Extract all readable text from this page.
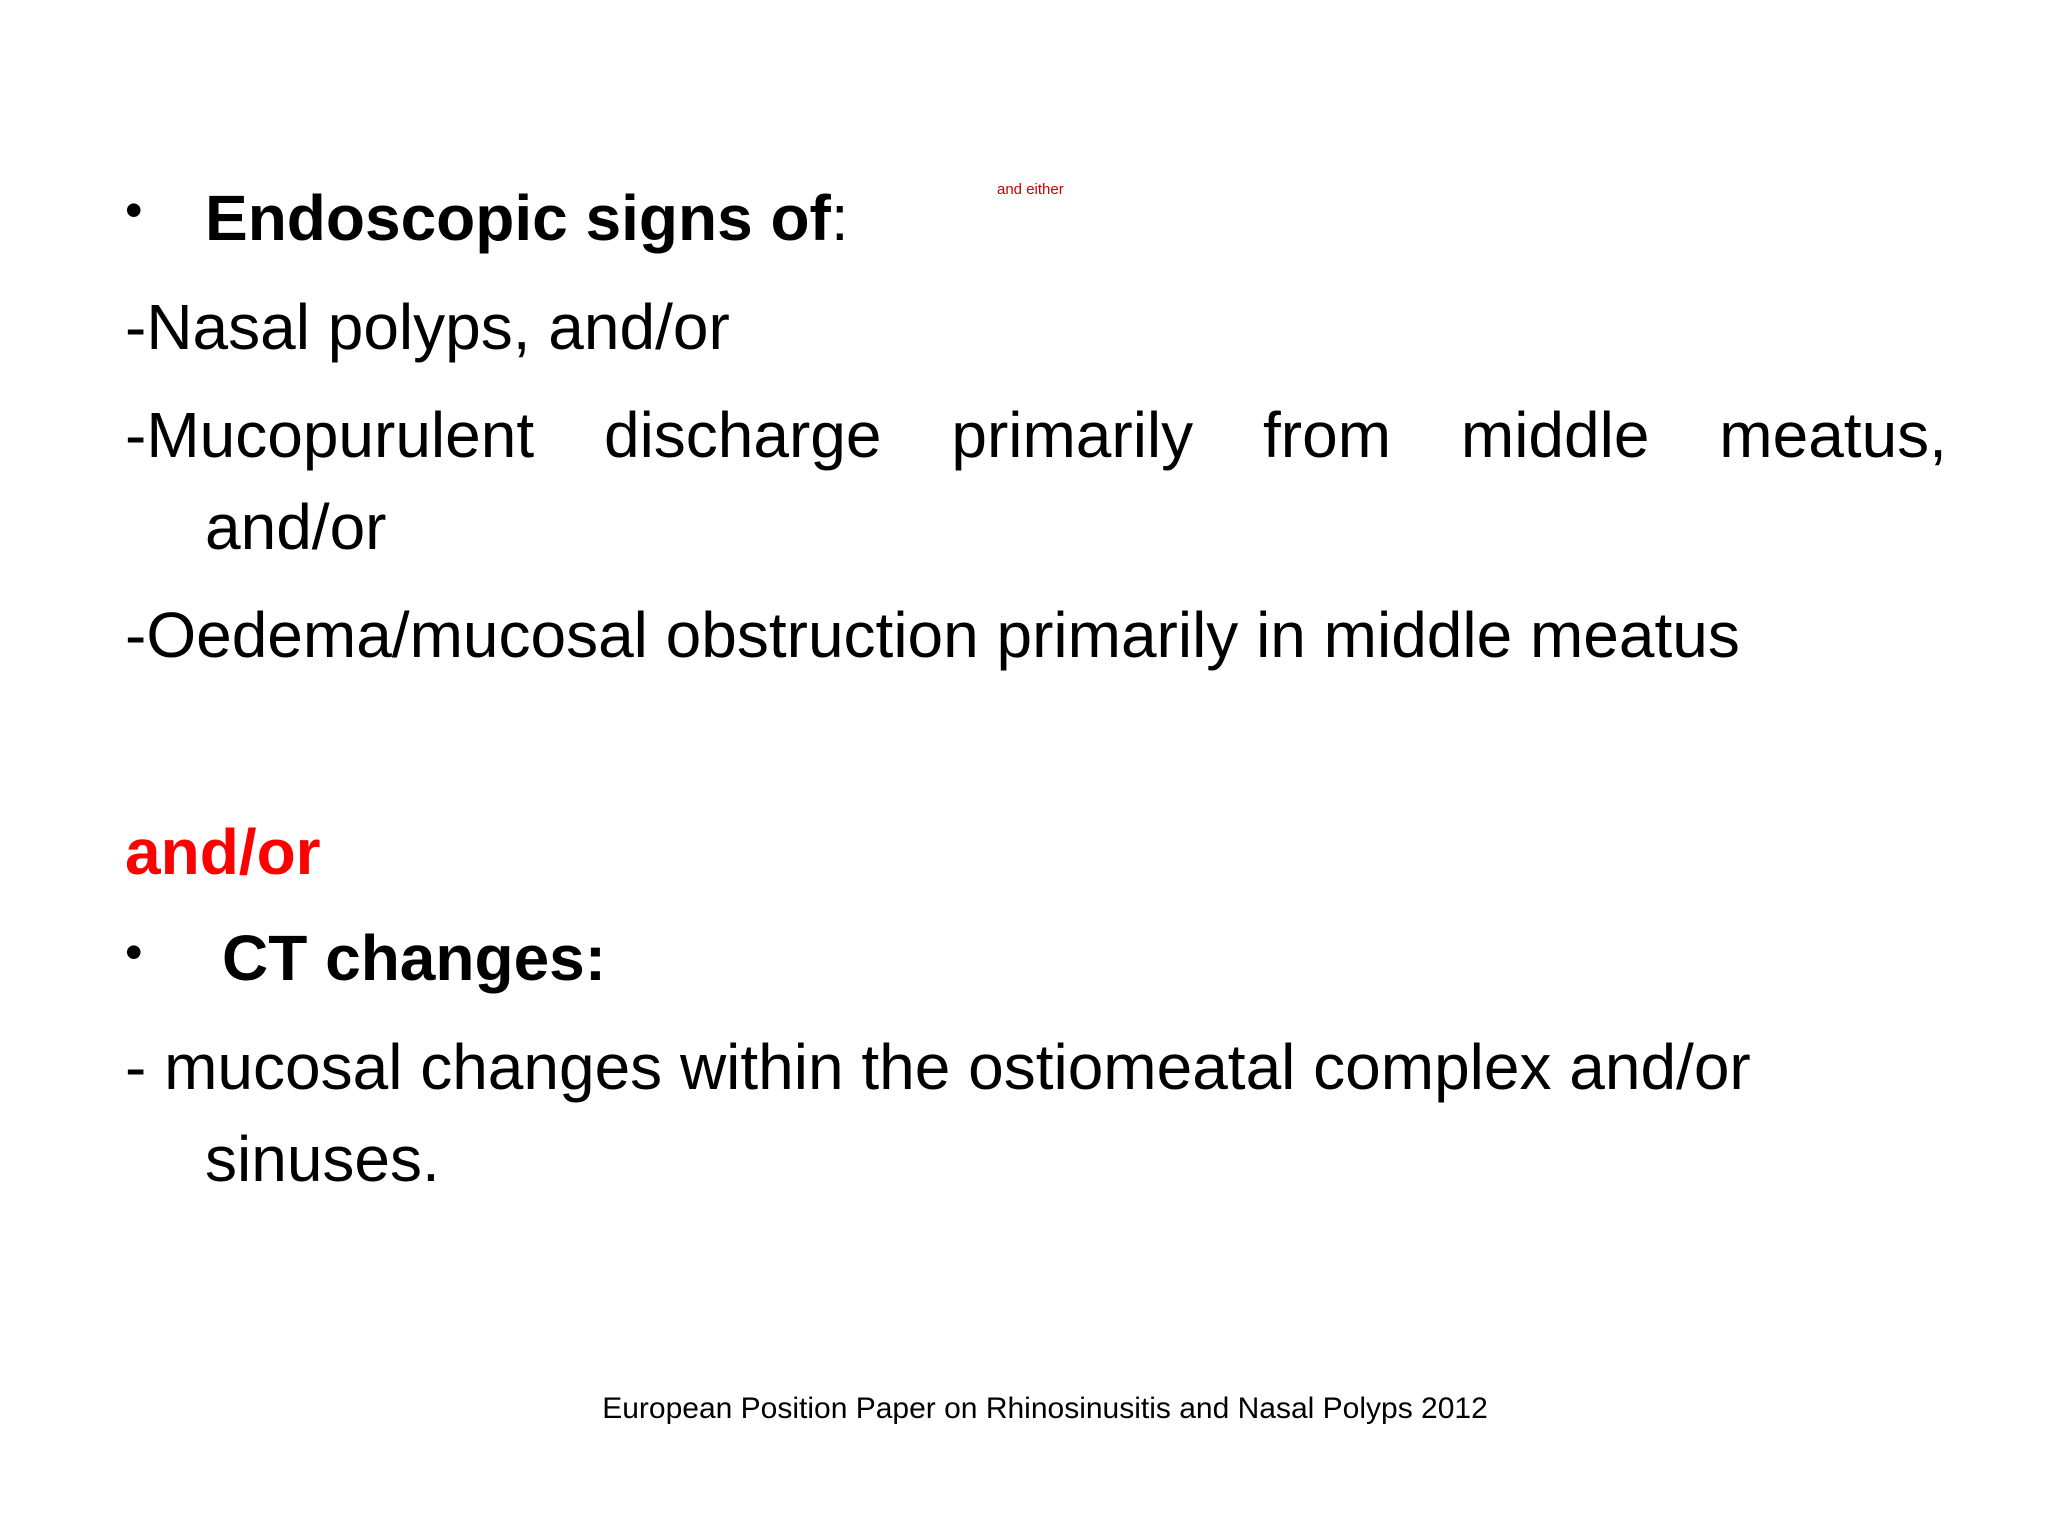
and either
• Endoscopic signs of:
-Nasal polyps, and/or
-Mucopurulent discharge primarily from middle meatus,
and/or
-Oedema/mucosal obstruction primarily in middle meatus
and/or
• CT changes:
- mucosal changes within the ostiomeatal complex and/or
sinuses.
European Position Paper on Rhinosinusitis and Nasal Polyps 2012
